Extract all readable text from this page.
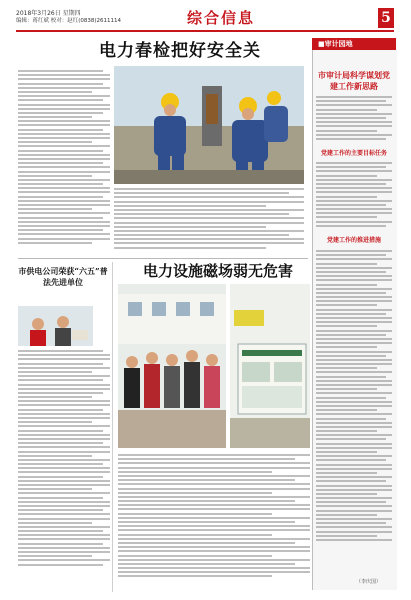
2018年3月26日 星期四
编辑：蒋红斌 校对：赵红(0838)2611114	综合信息	5
电力春检把好安全关
市供电公司荣获“六五”普法先进单位
电力设施磁场弱无危害
■审计园地
市审计局科学谋划党建工作新思路
党建工作的主要目标任务
党建工作的推进措施
（李庆国）
